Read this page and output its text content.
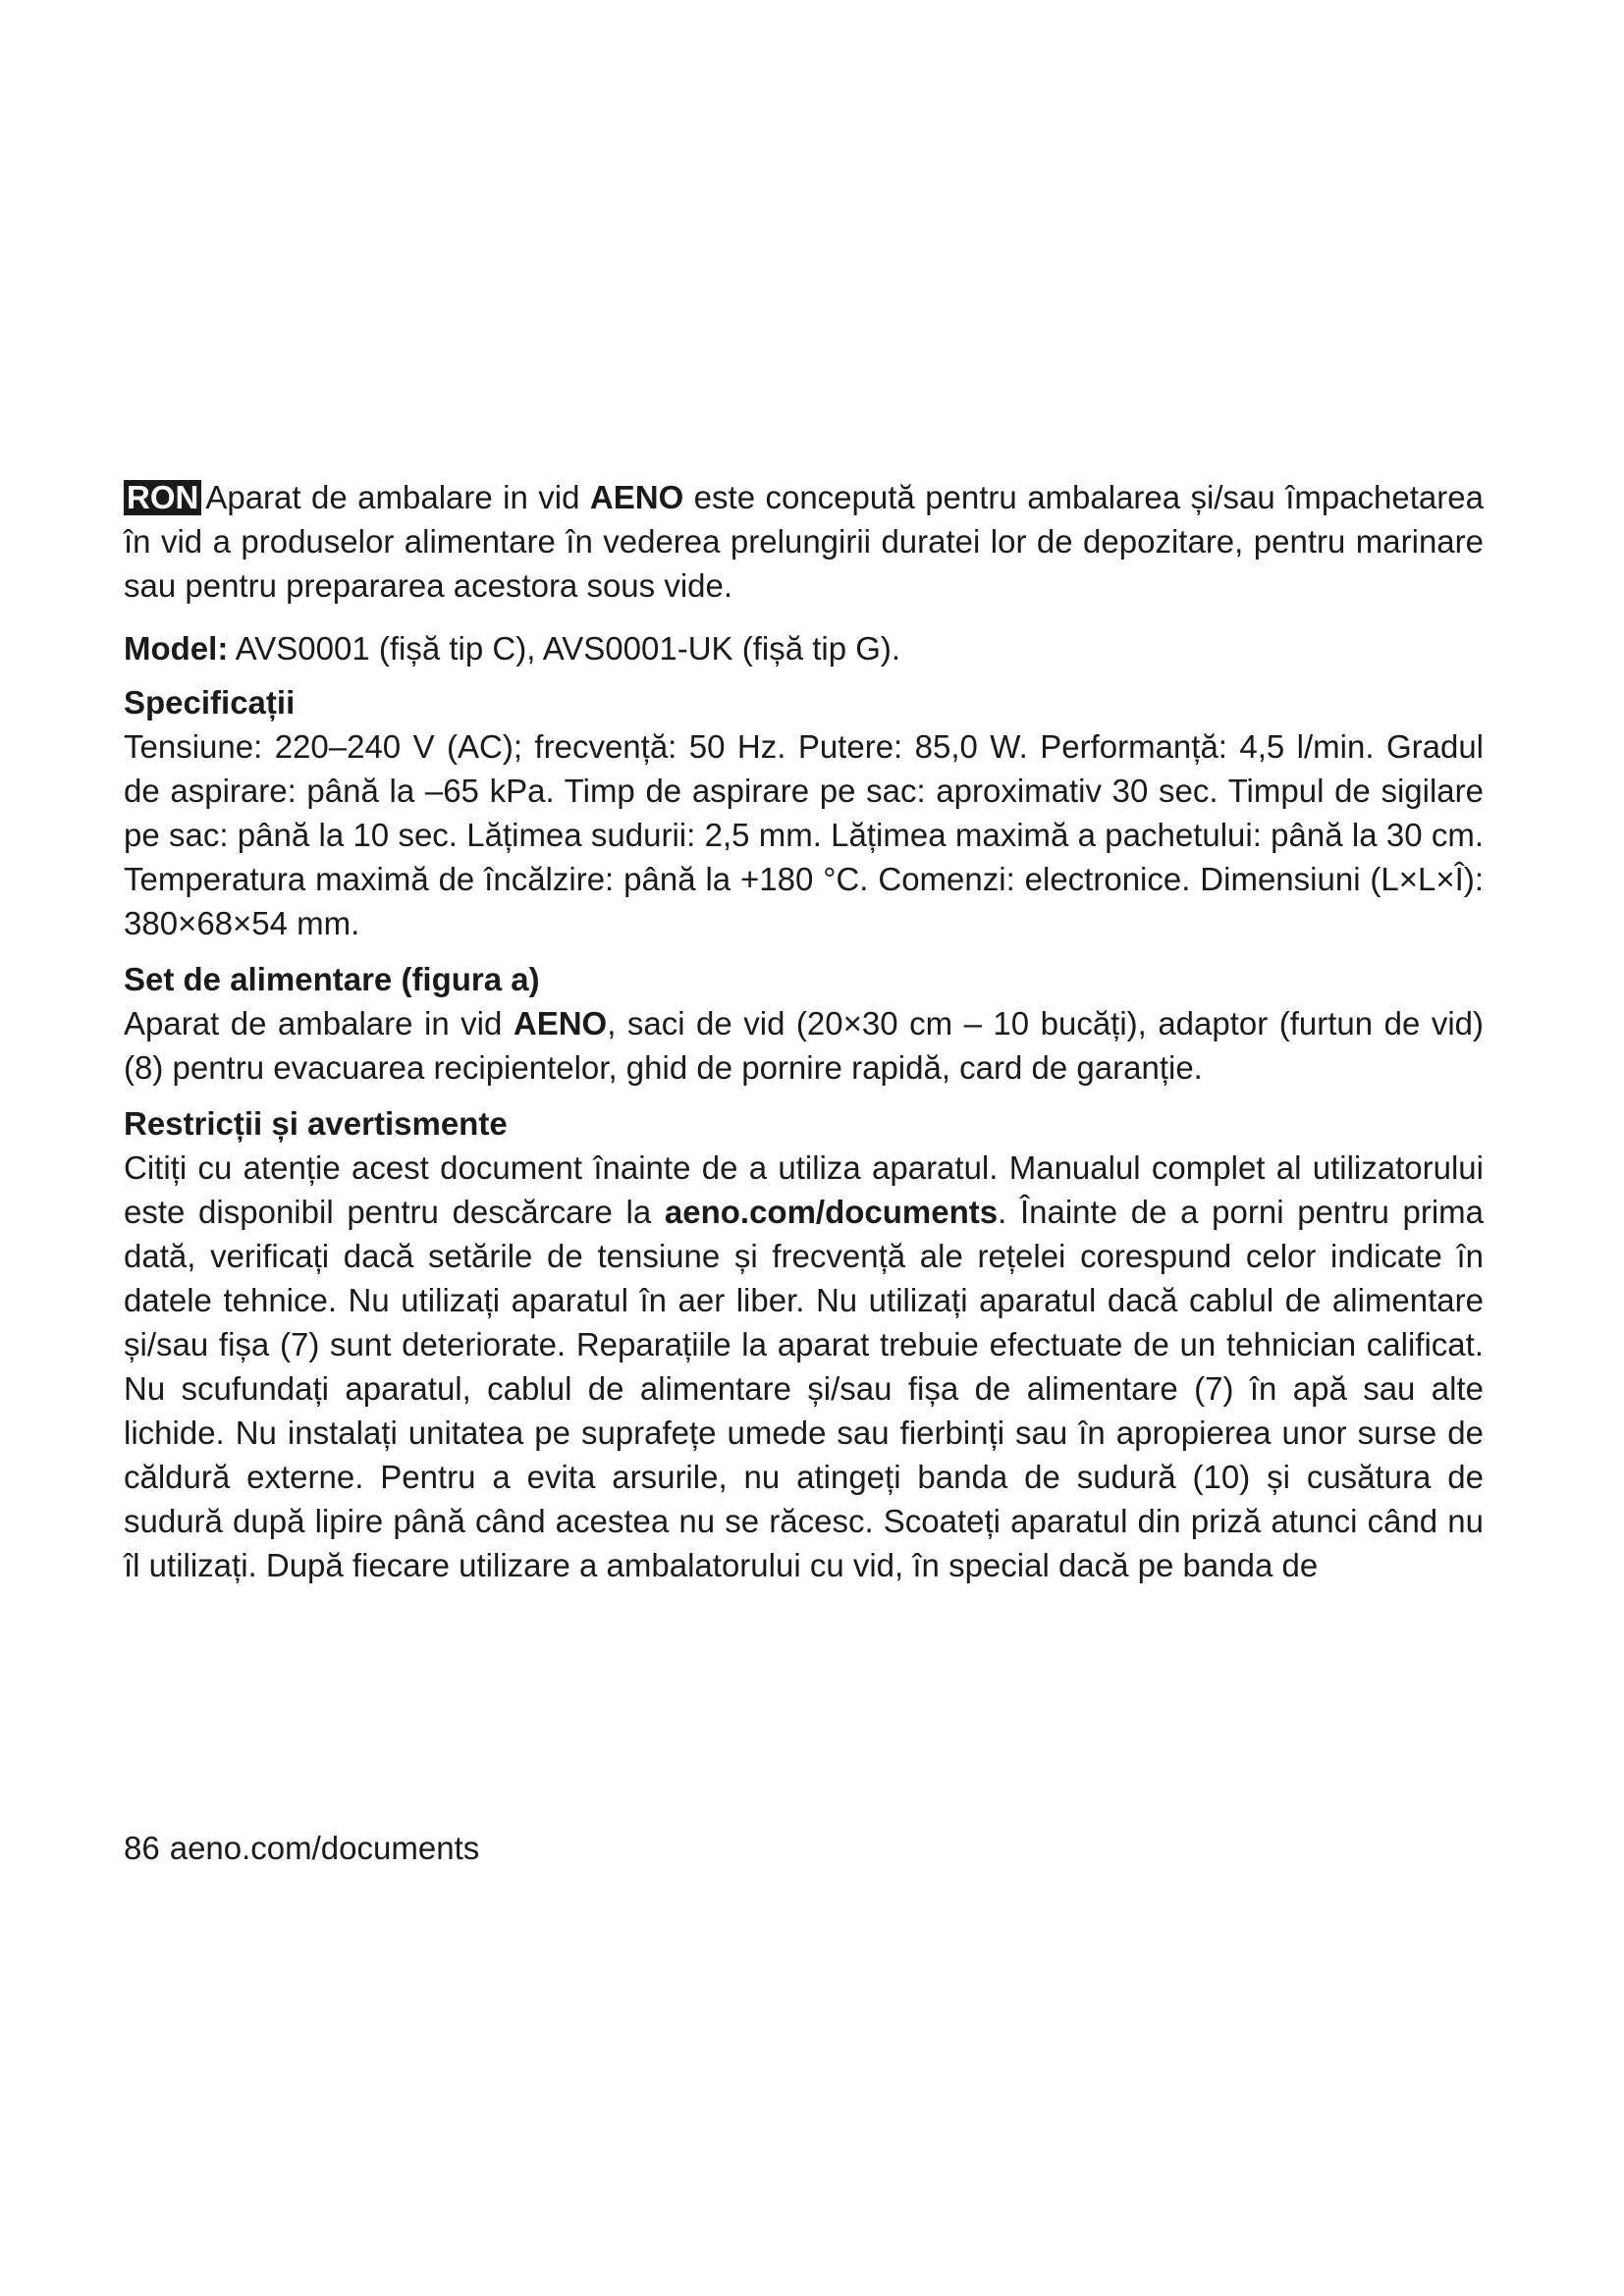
RON Aparat de ambalare in vid AENO este concepută pentru ambalarea și/sau împachetarea în vid a produselor alimentare în vederea prelungirii duratei lor de depozitare, pentru marinare sau pentru prepararea acestora sous vide.

Model: AVS0001 (fișă tip C), AVS0001-UK (fișă tip G).

Specificații

Tensiune: 220–240 V (AC); frecvență: 50 Hz. Putere: 85,0 W. Performanță: 4,5 l/min. Gradul de aspirare: până la –65 kPa. Timp de aspirare pe sac: aproximativ 30 sec. Timpul de sigilare pe sac: până la 10 sec. Lățimea sudurii: 2,5 mm. Lățimea maximă a pachetului: până la 30 cm. Temperatura maximă de încălzire: până la +180 °C. Comenzi: electronice. Dimensiuni (L×L×Î): 380×68×54 mm.

Set de alimentare (figura a)

Aparat de ambalare in vid AENO, saci de vid (20×30 cm – 10 bucăți), adaptor (furtun de vid) (8) pentru evacuarea recipientelor, ghid de pornire rapidă, card de garanție.

Restricții și avertismente

Citiți cu atenție acest document înainte de a utiliza aparatul. Manualul complet al utilizatorului este disponibil pentru descărcare la aeno.com/documents. Înainte de a porni pentru prima dată, verificați dacă setările de tensiune și frecvență ale rețelei corespund celor indicate în datele tehnice. Nu utilizați aparatul în aer liber. Nu utilizați aparatul dacă cablul de alimentare și/sau fișa (7) sunt deteriorate. Reparațiile la aparat trebuie efectuate de un tehnician calificat. Nu scufundați aparatul, cablul de alimentare și/sau fișa de alimentare (7) în apă sau alte lichide. Nu instalați unitatea pe suprafețe umede sau fierbinți sau în apropierea unor surse de căldură externe. Pentru a evita arsurile, nu atingeți banda de sudură (10) și cusătura de sudură după lipire până când acestea nu se răcesc. Scoateți aparatul din priză atunci când nu îl utilizați. După fiecare utilizare a ambalatorului cu vid, în special dacă pe banda de

86 aeno.com/documents
